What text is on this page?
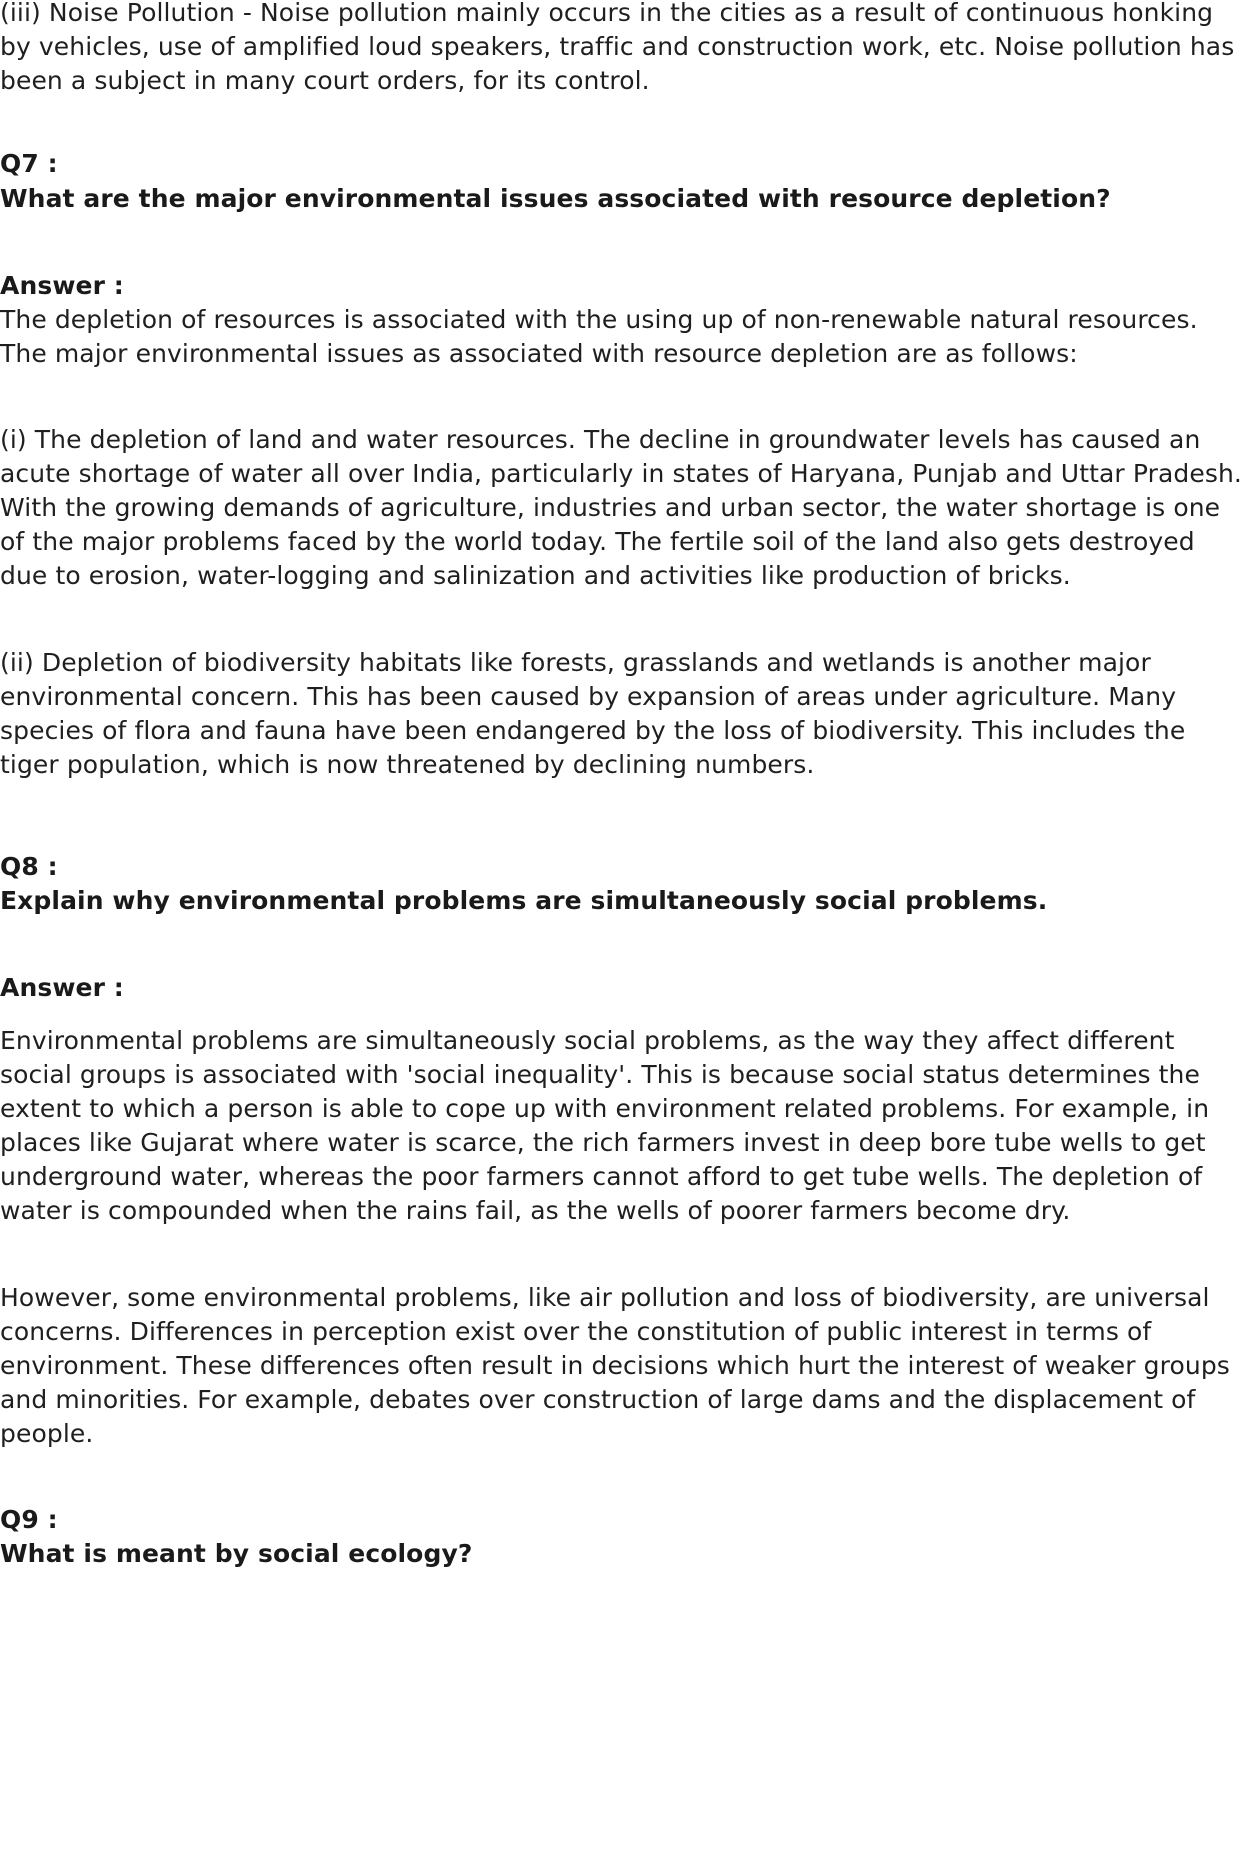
(iii) Noise Pollution - Noise pollution mainly occurs in the cities as a result of continuous honking by vehicles, use of amplified loud speakers, traffic and construction work, etc. Noise pollution has been a subject in many court orders, for its control.

Q7 :

What are the major environmental issues associated with resource depletion?

Answer :

The depletion of resources is associated with the using up of non-renewable natural resources. The major environmental issues as associated with resource depletion are as follows:

(i) The depletion of land and water resources. The decline in groundwater levels has caused an acute shortage of water all over India, particularly in states of Haryana, Punjab and Uttar Pradesh. With the growing demands of agriculture, industries and urban sector, the water shortage is one of the major problems faced by the world today. The fertile soil of the land also gets destroyed due to erosion, water-logging and salinization and activities like production of bricks.

(ii) Depletion of biodiversity habitats like forests, grasslands and wetlands is another major environmental concern. This has been caused by expansion of areas under agriculture. Many species of flora and fauna have been endangered by the loss of biodiversity. This includes the tiger population, which is now threatened by declining numbers.

Q8 :

Explain why environmental problems are simultaneously social problems.

Answer :

Environmental problems are simultaneously social problems, as the way they affect different social groups is associated with 'social inequality'. This is because social status determines the extent to which a person is able to cope up with environment related problems. For example, in places like Gujarat where water is scarce, the rich farmers invest in deep bore tube wells to get underground water, whereas the poor farmers cannot afford to get tube wells. The depletion of water is compounded when the rains fail, as the wells of poorer farmers become dry.

However, some environmental problems, like air pollution and loss of biodiversity, are universal concerns. Differences in perception exist over the constitution of public interest in terms of environment. These differences often result in decisions which hurt the interest of weaker groups and minorities. For example, debates over construction of large dams and the displacement of people.

Q9 :

What is meant by social ecology?
